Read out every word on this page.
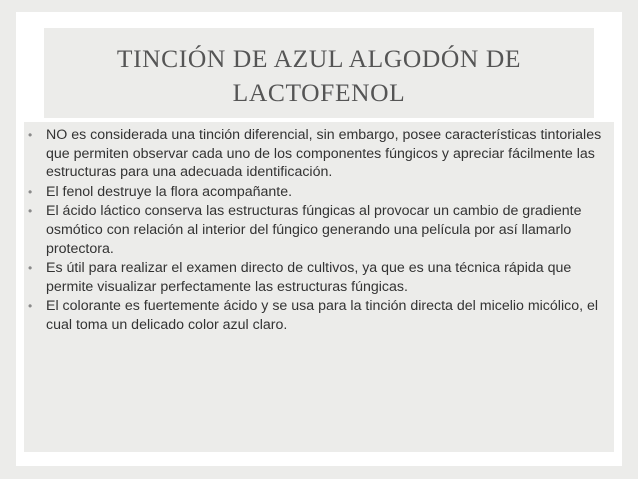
TINCIÓN DE AZUL ALGODÓN DE
LACTOFENOL
• NO es considerada una tinción diferencial, sin embargo, posee características tintoriales que permiten observar cada uno de los componentes fúngicos y apreciar fácilmente las estructuras para una adecuada identificación.
• El fenol destruye la flora acompañante.
• El ácido láctico conserva las estructuras fúngicas al provocar un cambio de gradiente osmótico con relación al interior del fúngico generando una película por así llamarlo protectora.
• Es útil para realizar el examen directo de cultivos, ya que es una técnica rápida que permite visualizar perfectamente las estructuras fúngicas.
• El colorante es fuertemente ácido y se usa para la tinción directa del micelio micólico, el cual toma un delicado color azul claro.
